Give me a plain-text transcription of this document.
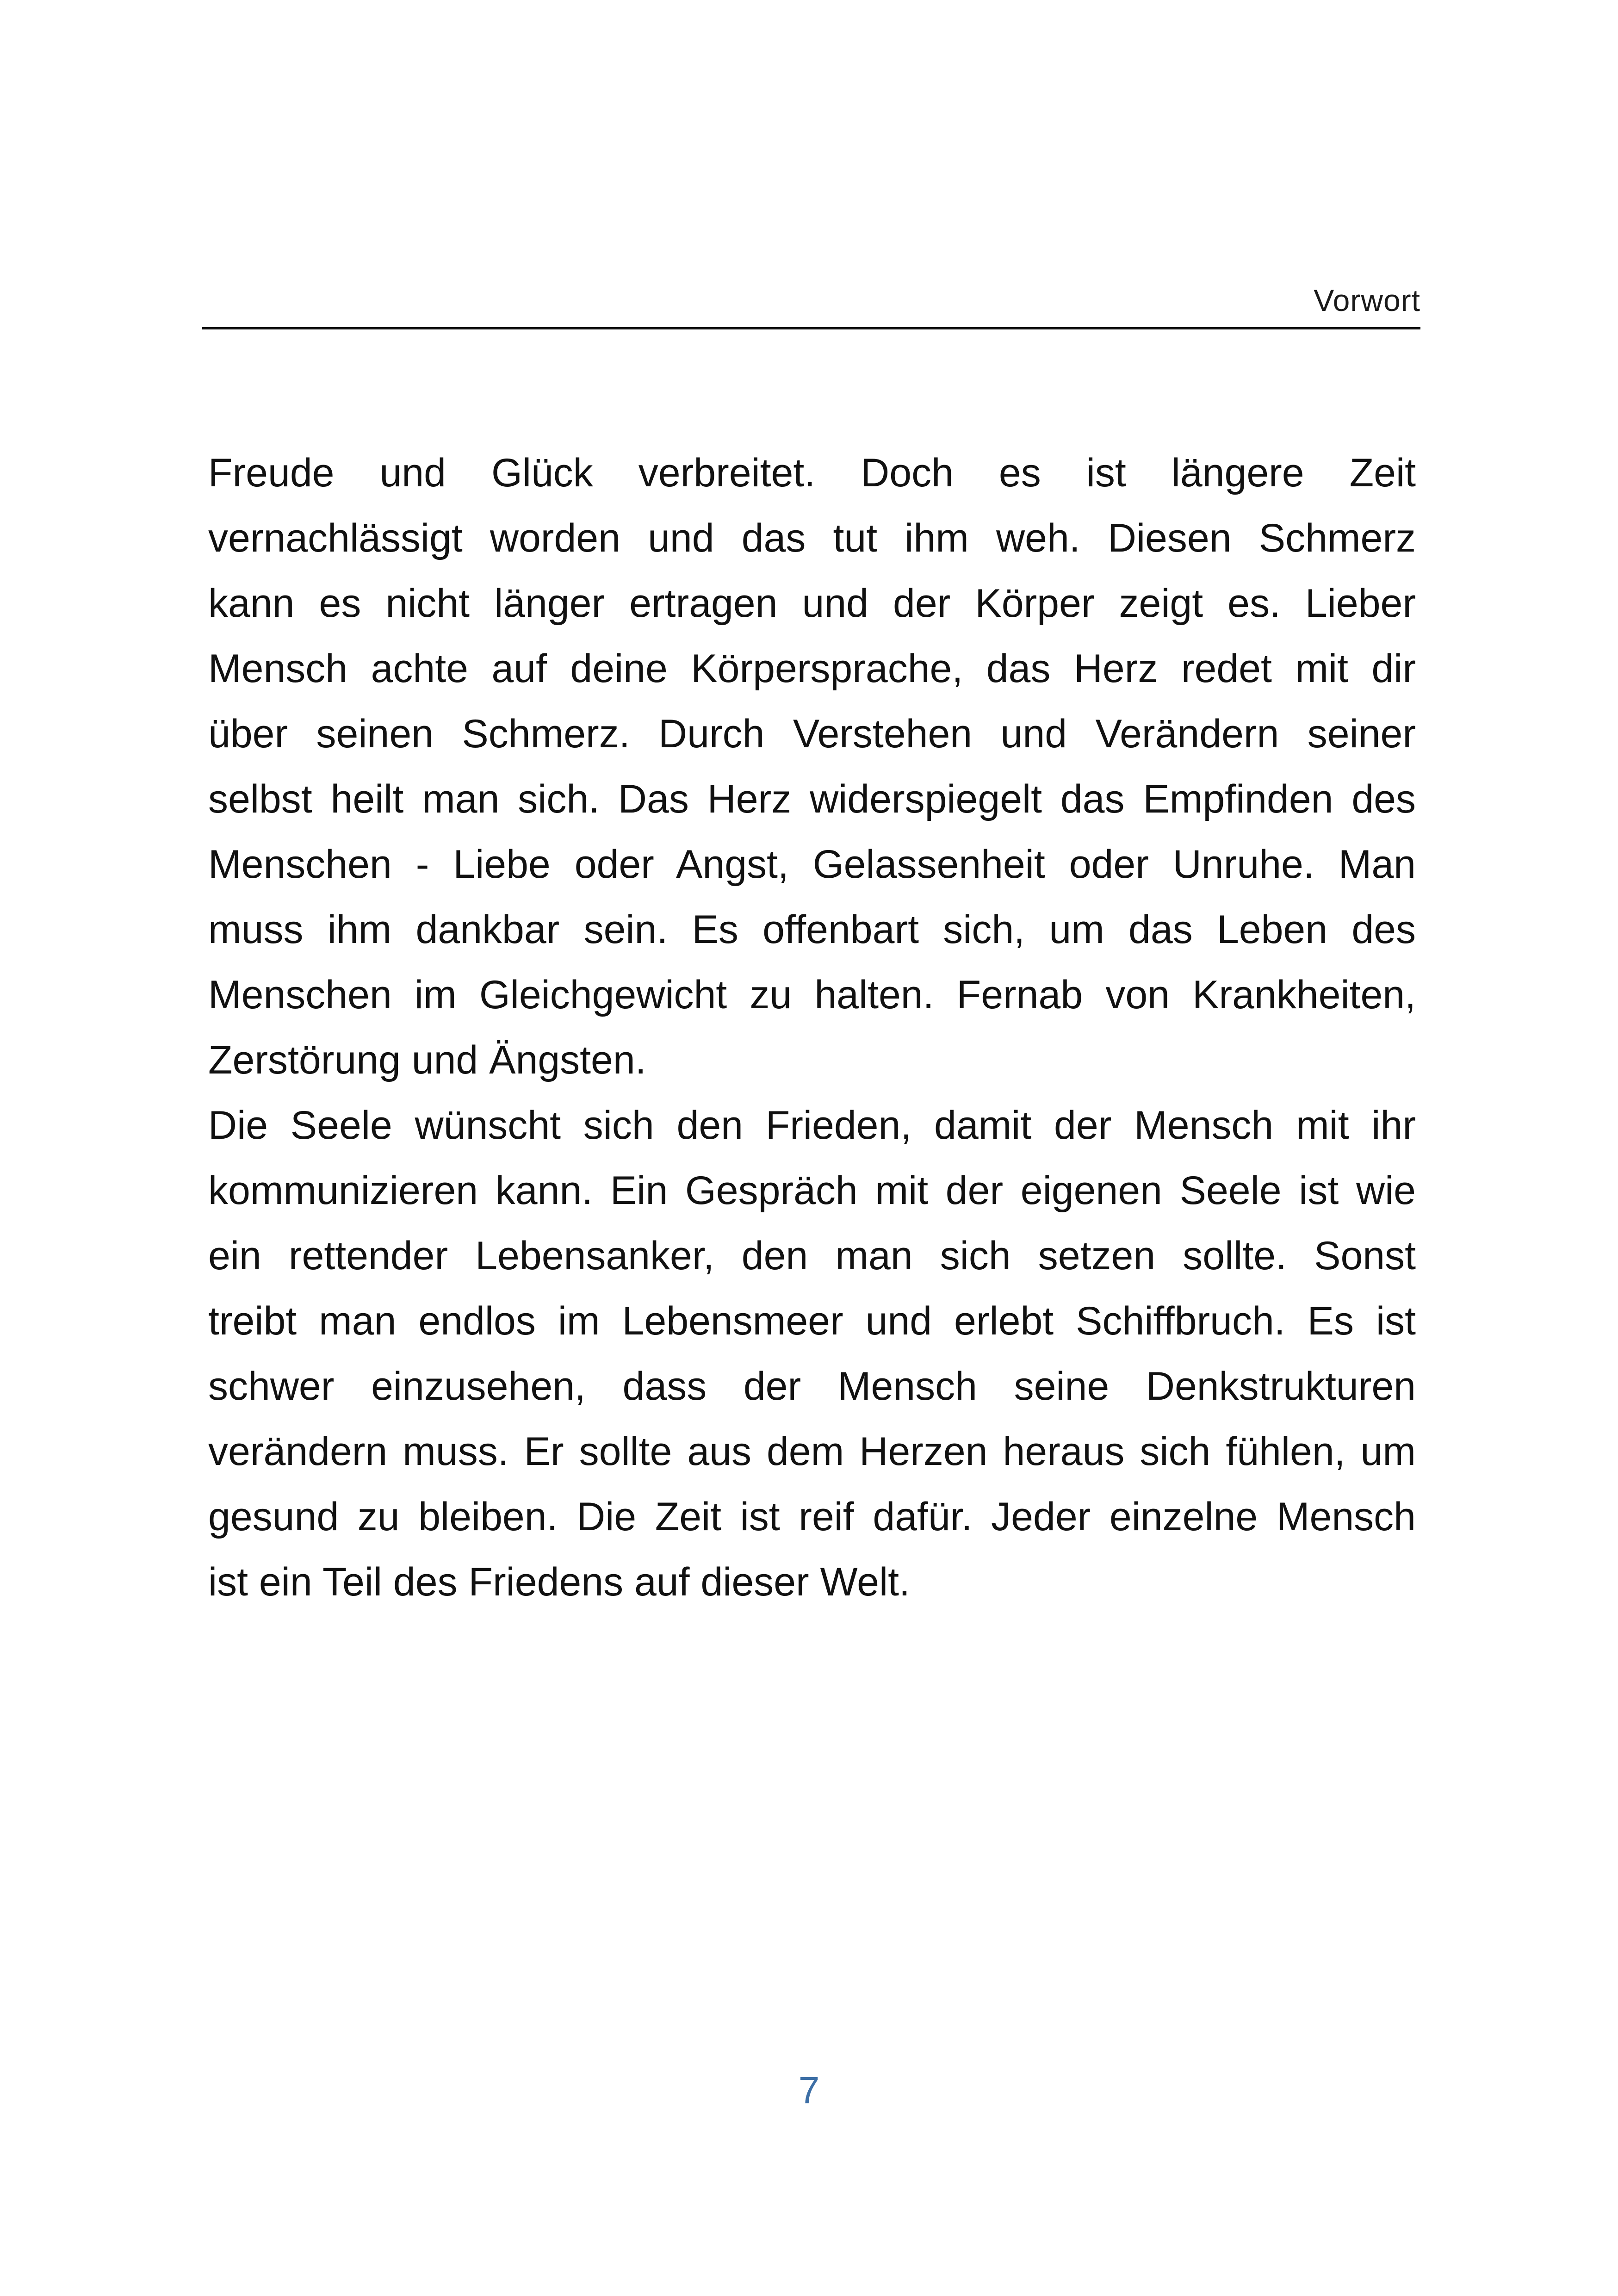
Vorwort
Freude und Glück verbreitet. Doch es ist längere Zeit
vernachlässigt worden und das tut ihm weh. Diesen Schmerz
kann es nicht länger ertragen und der Körper zeigt es. Lieber
Mensch achte auf deine Körpersprache, das Herz redet mit dir
über seinen Schmerz. Durch Verstehen und Verändern seiner
selbst heilt man sich. Das Herz widerspiegelt das Empfinden des
Menschen - Liebe oder Angst, Gelassenheit oder Unruhe. Man
muss ihm dankbar sein. Es offenbart sich, um das Leben des
Menschen im Gleichgewicht zu halten. Fernab von Krankheiten,
Zerstörung und Ängsten.
Die Seele wünscht sich den Frieden, damit der Mensch mit ihr
kommunizieren kann. Ein Gespräch mit der eigenen Seele ist wie
ein rettender Lebensanker, den man sich setzen sollte. Sonst
treibt man endlos im Lebensmeer und erlebt Schiffbruch. Es ist
schwer einzusehen, dass der Mensch seine Denkstrukturen
verändern muss. Er sollte aus dem Herzen heraus sich fühlen, um
gesund zu bleiben. Die Zeit ist reif dafür. Jeder einzelne Mensch
ist ein Teil des Friedens auf dieser Welt.
7
